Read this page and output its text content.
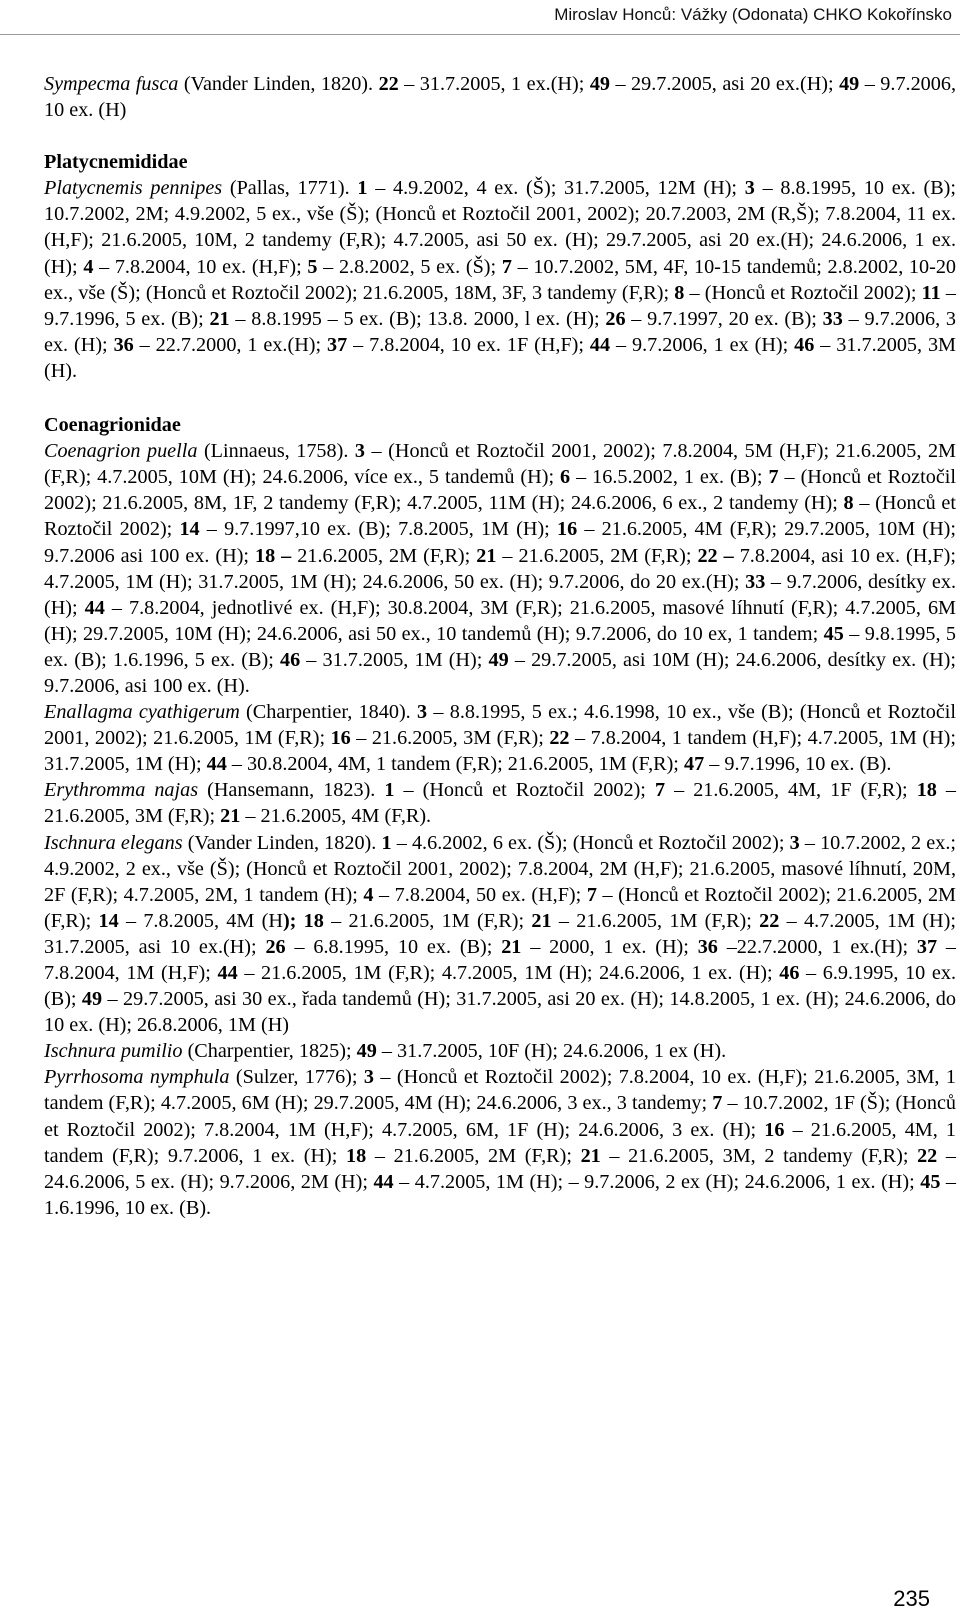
Miroslav Honců: Vážky (Odonata) CHKO Kokořínsko

Sympecma fusca (Vander Linden, 1820). 22 – 31.7.2005, 1 ex.(H); 49 – 29.7.2005, asi 20 ex.(H); 49 – 9.7.2006, 10 ex. (H)

Platycnemididae

Platycnemis pennipes (Pallas, 1771). 1 – 4.9.2002, 4 ex. (Š); 31.7.2005, 12M (H); 3 – 8.8.1995, 10 ex. (B); 10.7.2002, 2M; 4.9.2002, 5 ex., vše (Š); (Honců et Roztočil 2001, 2002); 20.7.2003, 2M (R,Š); 7.8.2004, 11 ex. (H,F); 21.6.2005, 10M, 2 tandemy (F,R); 4.7.2005, asi 50 ex. (H); 29.7.2005, asi 20 ex.(H); 24.6.2006, 1 ex. (H); 4 – 7.8.2004, 10 ex. (H,F); 5 – 2.8.2002, 5 ex. (Š); 7 – 10.7.2002, 5M, 4F, 10-15 tandemů; 2.8.2002, 10-20 ex., vše (Š); (Honců et Roztočil 2002); 21.6.2005, 18M, 3F, 3 tandemy (F,R); 8 – (Honců et Roztočil 2002); 11 – 9.7.1996, 5 ex. (B); 21 – 8.8.1995 – 5 ex. (B); 13.8. 2000, l ex. (H); 26 – 9.7.1997, 20 ex. (B); 33 – 9.7.2006, 3 ex. (H); 36 – 22.7.2000, 1 ex.(H); 37 – 7.8.2004, 10 ex. 1F (H,F); 44 – 9.7.2006, 1 ex (H); 46 – 31.7.2005, 3M (H).

Coenagrionidae

Coenagrion puella (Linnaeus, 1758). 3 – (Honců et Roztočil 2001, 2002); 7.8.2004, 5M (H,F); 21.6.2005, 2M (F,R); 4.7.2005, 10M (H); 24.6.2006, více ex., 5 tandemů (H); 6 – 16.5.2002, 1 ex. (B); 7 – (Honců et Roztočil 2002); 21.6.2005, 8M, 1F, 2 tandemy (F,R); 4.7.2005, 11M (H); 24.6.2006, 6 ex., 2 tandemy (H); 8 – (Honců et Roztočil 2002); 14 – 9.7.1997,10 ex. (B); 7.8.2005, 1M (H); 16 – 21.6.2005, 4M (F,R); 29.7.2005, 10M (H); 9.7.2006 asi 100 ex. (H); 18 – 21.6.2005, 2M (F,R); 21 – 21.6.2005, 2M (F,R); 22 – 7.8.2004, asi 10 ex. (H,F); 4.7.2005, 1M (H); 31.7.2005, 1M (H); 24.6.2006, 50 ex. (H); 9.7.2006, do 20 ex.(H); 33 – 9.7.2006, desítky ex. (H); 44 – 7.8.2004, jednotlivé ex. (H,F); 30.8.2004, 3M (F,R); 21.6.2005, masové líhnutí (F,R); 4.7.2005, 6M (H); 29.7.2005, 10M (H); 24.6.2006, asi 50 ex., 10 tandemů (H); 9.7.2006, do 10 ex, 1 tandem; 45 – 9.8.1995, 5 ex. (B); 1.6.1996, 5 ex. (B); 46 – 31.7.2005, 1M (H); 49 – 29.7.2005, asi 10M (H); 24.6.2006, desítky ex. (H); 9.7.2006, asi 100 ex. (H).

Enallagma cyathigerum (Charpentier, 1840). 3 – 8.8.1995, 5 ex.; 4.6.1998, 10 ex., vše (B); (Honců et Roztočil 2001, 2002); 21.6.2005, 1M (F,R); 16 – 21.6.2005, 3M (F,R); 22 – 7.8.2004, 1 tandem (H,F); 4.7.2005, 1M (H); 31.7.2005, 1M (H); 44 – 30.8.2004, 4M, 1 tandem (F,R); 21.6.2005, 1M (F,R); 47 – 9.7.1996, 10 ex. (B).

Erythromma najas (Hansemann, 1823). 1 – (Honců et Roztočil 2002); 7 – 21.6.2005, 4M, 1F (F,R); 18 – 21.6.2005, 3M (F,R); 21 – 21.6.2005, 4M (F,R).

Ischnura elegans (Vander Linden, 1820). 1 – 4.6.2002, 6 ex. (Š); (Honců et Roztočil 2002); 3 – 10.7.2002, 2 ex.; 4.9.2002, 2 ex., vše (Š); (Honců et Roztočil 2001, 2002); 7.8.2004, 2M (H,F); 21.6.2005, masové líhnutí, 20M, 2F (F,R); 4.7.2005, 2M, 1 tandem (H); 4 – 7.8.2004, 50 ex. (H,F); 7 – (Honců et Roztočil 2002); 21.6.2005, 2M (F,R); 14 – 7.8.2005, 4M (H); 18 – 21.6.2005, 1M (F,R); 21 – 21.6.2005, 1M (F,R); 22 – 4.7.2005, 1M (H); 31.7.2005, asi 10 ex.(H); 26 – 6.8.1995, 10 ex. (B); 21 – 2000, 1 ex. (H); 36 –22.7.2000, 1 ex.(H); 37 – 7.8.2004, 1M (H,F); 44 – 21.6.2005, 1M (F,R); 4.7.2005, 1M (H); 24.6.2006, 1 ex. (H); 46 – 6.9.1995, 10 ex. (B); 49 – 29.7.2005, asi 30 ex., řada tandemů (H); 31.7.2005, asi 20 ex. (H); 14.8.2005, 1 ex. (H); 24.6.2006, do 10 ex. (H); 26.8.2006, 1M (H)

Ischnura pumilio (Charpentier, 1825); 49 – 31.7.2005, 10F (H); 24.6.2006, 1 ex (H).

Pyrrhosoma nymphula (Sulzer, 1776); 3 – (Honců et Roztočil 2002); 7.8.2004, 10 ex. (H,F); 21.6.2005, 3M, 1 tandem (F,R); 4.7.2005, 6M (H); 29.7.2005, 4M (H); 24.6.2006, 3 ex., 3 tandemy; 7 – 10.7.2002, 1F (Š); (Honců et Roztočil 2002); 7.8.2004, 1M (H,F); 4.7.2005, 6M, 1F (H); 24.6.2006, 3 ex. (H); 16 – 21.6.2005, 4M, 1 tandem (F,R); 9.7.2006, 1 ex. (H); 18 – 21.6.2005, 2M (F,R); 21 – 21.6.2005, 3M, 2 tandemy (F,R); 22 – 24.6.2006, 5 ex. (H); 9.7.2006, 2M (H); 44 – 4.7.2005, 1M (H); – 9.7.2006, 2 ex (H); 24.6.2006, 1 ex. (H); 45 – 1.6.1996, 10 ex. (B).

235
